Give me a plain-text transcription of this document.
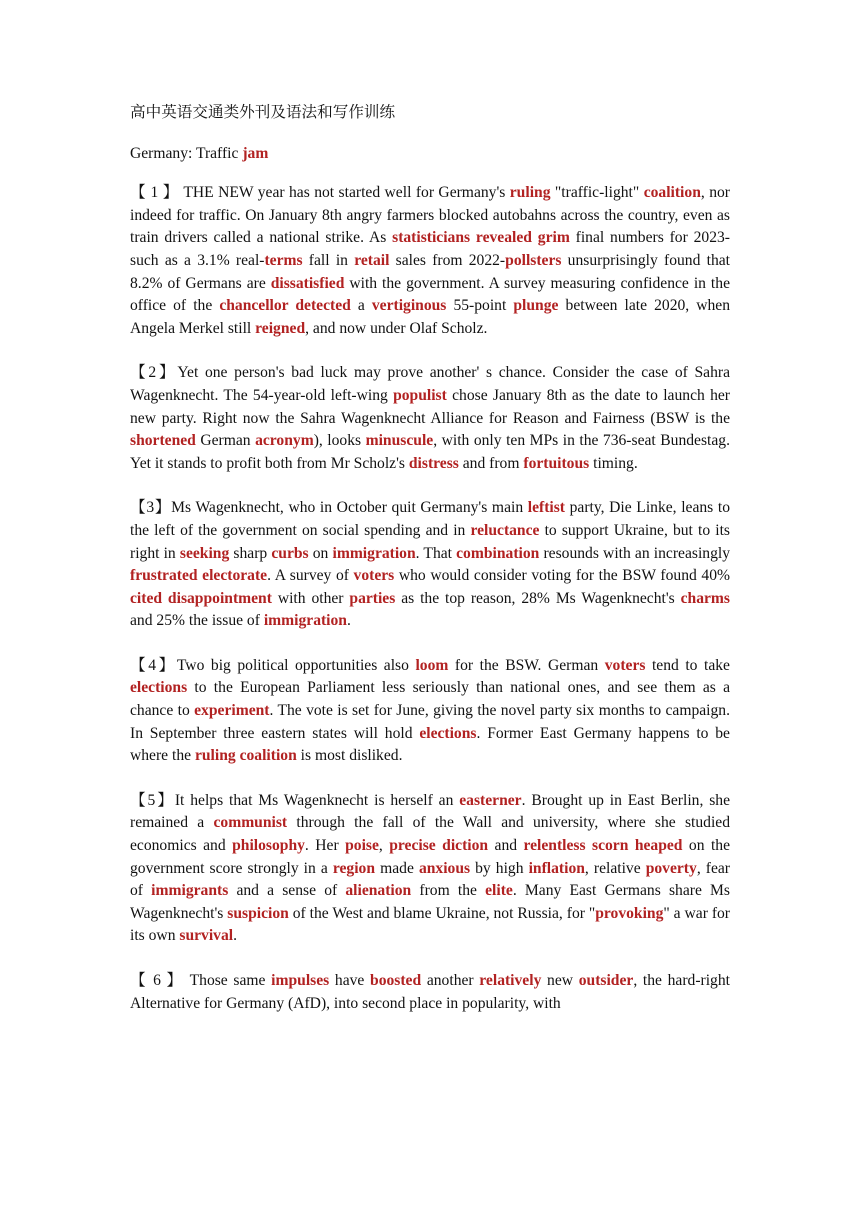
高中英语交通类外刊及语法和写作训练

Germany: Traffic jam

【 1 】 THE NEW year has not started well for Germany's ruling "traffic-light" coalition, nor indeed for traffic. On January 8th angry farmers blocked autobahns across the country, even as train drivers called a national strike. As statisticians revealed grim final numbers for 2023-such as a 3.1% real-terms fall in retail sales from 2022-pollsters unsurprisingly found that 8.2% of Germans are dissatisfied with the government. A survey measuring confidence in the office of the chancellor detected a vertiginous 55-point plunge between late 2020, when Angela Merkel still reigned, and now under Olaf Scholz.

【2】Yet one person's bad luck may prove another' s chance. Consider the case of Sahra Wagenknecht. The 54-year-old left-wing populist chose January 8th as the date to launch her new party. Right now the Sahra Wagenknecht Alliance for Reason and Fairness (BSW is the shortened German acronym), looks minuscule, with only ten MPs in the 736-seat Bundestag. Yet it stands to profit both from Mr Scholz's distress and from fortuitous timing.

【3】Ms Wagenknecht, who in October quit Germany's main leftist party, Die Linke, leans to the left of the government on social spending and in reluctance to support Ukraine, but to its right in seeking sharp curbs on immigration. That combination resounds with an increasingly frustrated electorate. A survey of voters who would consider voting for the BSW found 40% cited disappointment with other parties as the top reason, 28% Ms Wagenknecht's charms and 25% the issue of immigration.

【4】Two big political opportunities also loom for the BSW. German voters tend to take elections to the European Parliament less seriously than national ones, and see them as a chance to experiment. The vote is set for June, giving the novel party six months to campaign. In September three eastern states will hold elections. Former East Germany happens to be where the ruling coalition is most disliked.

【5】It helps that Ms Wagenknecht is herself an easterner. Brought up in East Berlin, she remained a communist through the fall of the Wall and university, where she studied economics and philosophy. Her poise, precise diction and relentless scorn heaped on the government score strongly in a region made anxious by high inflation, relative poverty, fear of immigrants and a sense of alienation from the elite. Many East Germans share Ms Wagenknecht's suspicion of the West and blame Ukraine, not Russia, for "provoking" a war for its own survival.

【 6 】 Those same impulses have boosted another relatively new outsider, the hard-right Alternative for Germany (AfD), into second place in popularity, with
